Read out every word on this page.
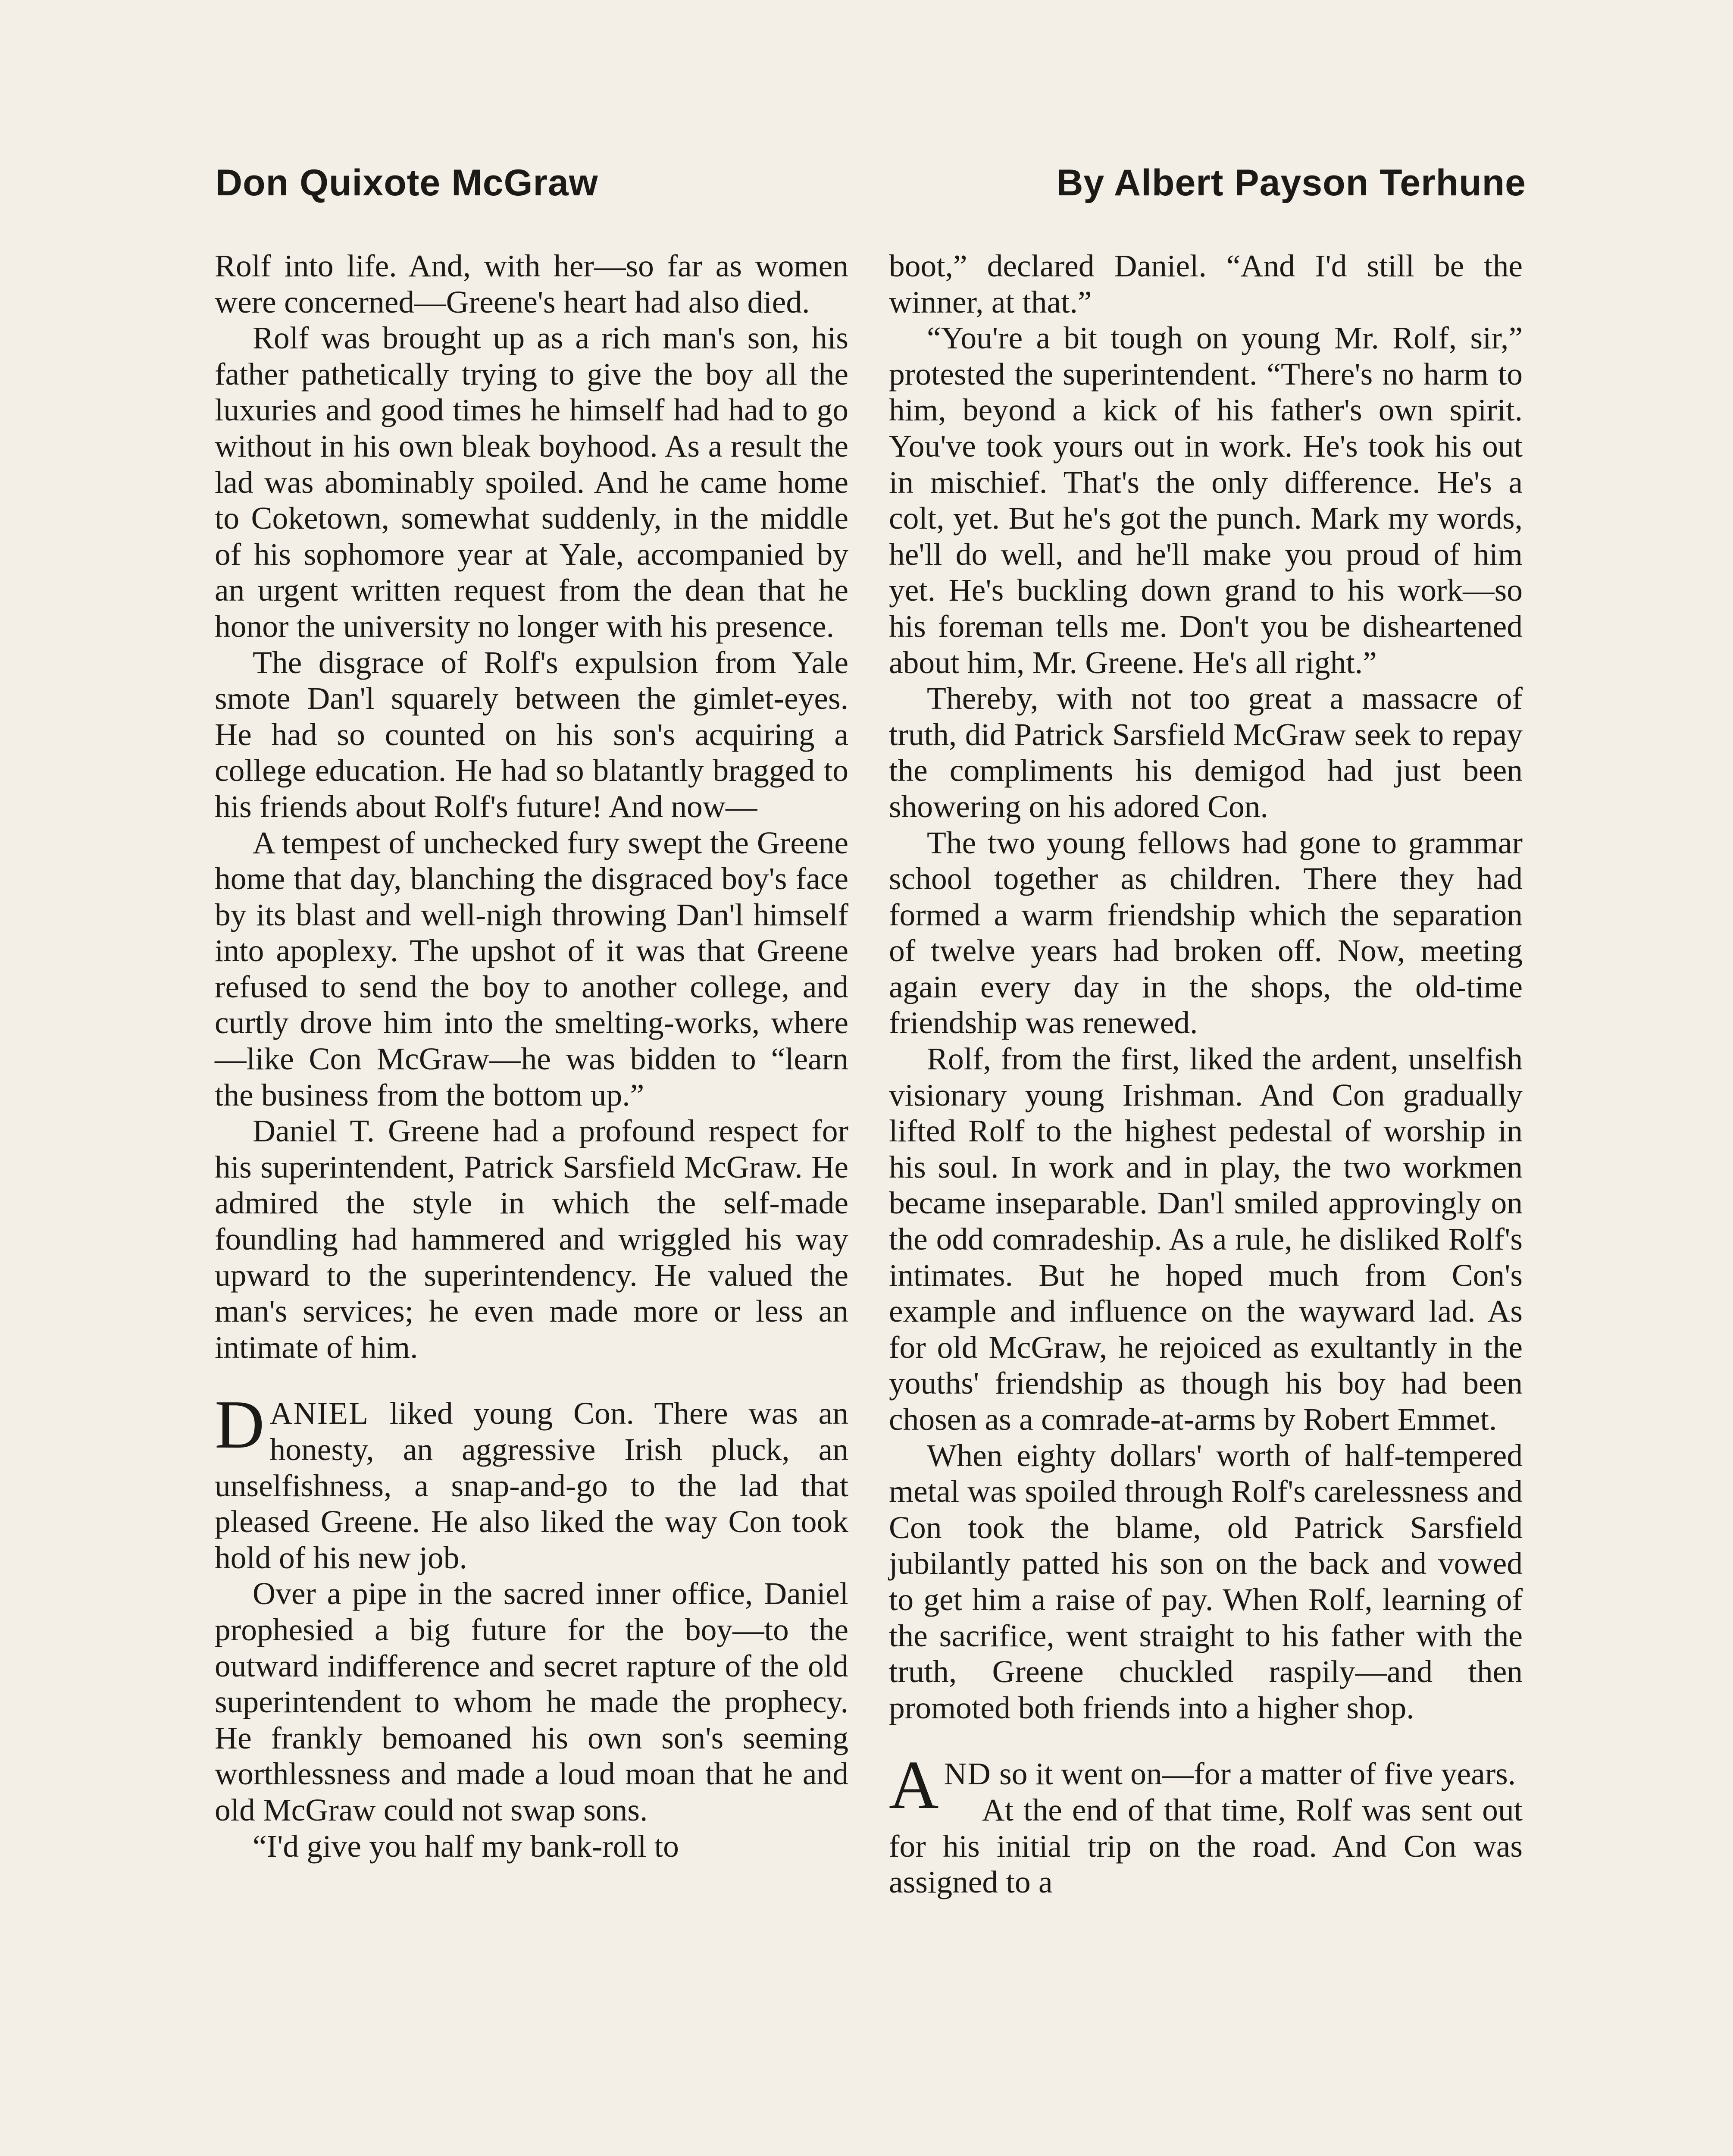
Don Quixote McGraw	By Albert Payson Terhune

Rolf into life. And, with her—so far as women were concerned—Greene's heart had also died.

Rolf was brought up as a rich man's son, his father pathetically trying to give the boy all the luxuries and good times he himself had had to go without in his own bleak boyhood. As a result the lad was abominably spoiled. And he came home to Coketown, somewhat suddenly, in the middle of his sophomore year at Yale, accompanied by an urgent written request from the dean that he honor the university no longer with his presence.

The disgrace of Rolf's expulsion from Yale smote Dan'l squarely between the gimlet-eyes. He had so counted on his son's acquiring a college education. He had so blatantly bragged to his friends about Rolf's future! And now—

A tempest of unchecked fury swept the Greene home that day, blanching the disgraced boy's face by its blast and well-nigh throwing Dan'l himself into apoplexy. The upshot of it was that Greene refused to send the boy to another college, and curtly drove him into the smelting-works, where—like Con McGraw—he was bidden to “learn the business from the bottom up.”

Daniel T. Greene had a profound respect for his superintendent, Patrick Sarsfield McGraw. He admired the style in which the self-made foundling had hammered and wriggled his way upward to the superintendency. He valued the man's services; he even made more or less an intimate of him.

DANIEL liked young Con. There was an honesty, an aggressive Irish pluck, an unselfishness, a snap-and-go to the lad that pleased Greene. He also liked the way Con took hold of his new job.

Over a pipe in the sacred inner office, Daniel prophesied a big future for the boy—to the outward indifference and secret rapture of the old superintendent to whom he made the prophecy. He frankly bemoaned his own son's seeming worthlessness and made a loud moan that he and old McGraw could not swap sons.

“I'd give you half my bank-roll to

boot,” declared Daniel. “And I'd still be the winner, at that.”

“You're a bit tough on young Mr. Rolf, sir,” protested the superintendent. “There's no harm to him, beyond a kick of his father's own spirit. You've took yours out in work. He's took his out in mischief. That's the only difference. He's a colt, yet. But he's got the punch. Mark my words, he'll do well, and he'll make you proud of him yet. He's buckling down grand to his work—so his foreman tells me. Don't you be disheartened about him, Mr. Greene. He's all right.”

Thereby, with not too great a massacre of truth, did Patrick Sarsfield McGraw seek to repay the compliments his demigod had just been showering on his adored Con.

The two young fellows had gone to grammar school together as children. There they had formed a warm friendship which the separation of twelve years had broken off. Now, meeting again every day in the shops, the old-time friendship was renewed.

Rolf, from the first, liked the ardent, unselfish visionary young Irishman. And Con gradually lifted Rolf to the highest pedestal of worship in his soul. In work and in play, the two workmen became inseparable. Dan'l smiled approvingly on the odd comradeship. As a rule, he disliked Rolf's intimates. But he hoped much from Con's example and influence on the wayward lad. As for old McGraw, he rejoiced as exultantly in the youths' friendship as though his boy had been chosen as a comrade-at-arms by Robert Emmet.

When eighty dollars' worth of half-tempered metal was spoiled through Rolf's carelessness and Con took the blame, old Patrick Sarsfield jubilantly patted his son on the back and vowed to get him a raise of pay. When Rolf, learning of the sacrifice, went straight to his father with the truth, Greene chuckled raspily—and then promoted both friends into a higher shop.

AND so it went on—for a matter of five years.

At the end of that time, Rolf was sent out for his initial trip on the road. And Con was assigned to a
